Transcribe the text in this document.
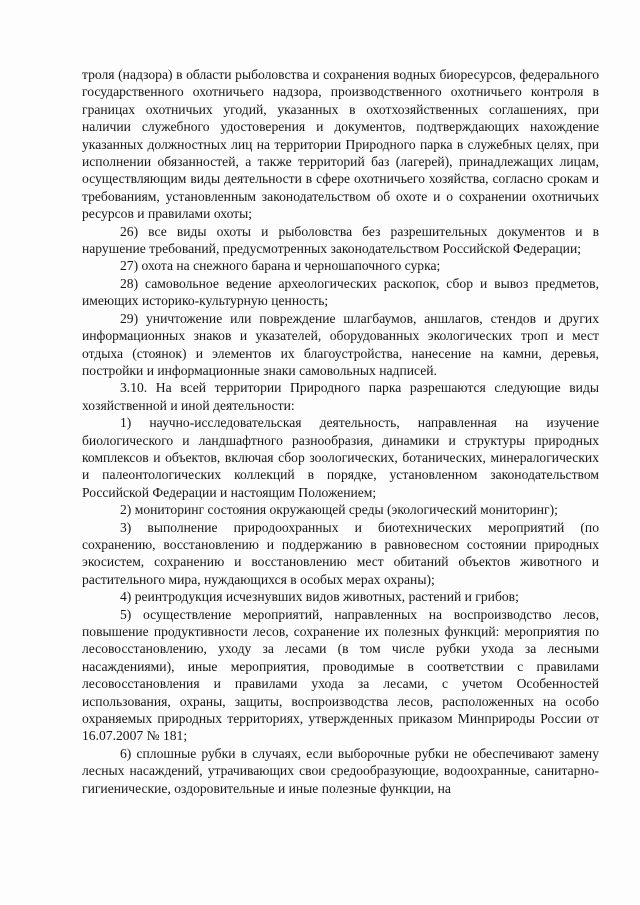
троля (надзора) в области рыболовства и сохранения водных биоресурсов, федерального государственного охотничьего надзора, производственного охотничьего контроля в границах охотничьих угодий, указанных в охотхозяйственных соглашениях, при наличии служебного удостоверения и документов, подтверждающих нахождение указанных должностных лиц на территории Природного парка в служебных целях, при исполнении обязанностей, а также территорий баз (лагерей), принадлежащих лицам, осуществляющим виды деятельности в сфере охотничьего хозяйства, согласно срокам и требованиям, установленным законодательством об охоте и о сохранении охотничьих ресурсов и правилами охоты;

26) все виды охоты и рыболовства без разрешительных документов и в нарушение требований, предусмотренных законодательством Российской Федерации;

27) охота на снежного барана и черношапочного сурка;

28) самовольное ведение археологических раскопок, сбор и вывоз предметов, имеющих историко-культурную ценность;

29) уничтожение или повреждение шлагбаумов, аншлагов, стендов и других информационных знаков и указателей, оборудованных экологических троп и мест отдыха (стоянок) и элементов их благоустройства, нанесение на камни, деревья, постройки и информационные знаки самовольных надписей.

3.10. На всей территории Природного парка разрешаются следующие виды хозяйственной и иной деятельности:

1) научно-исследовательская деятельность, направленная на изучение биологического и ландшафтного разнообразия, динамики и структуры природных комплексов и объектов, включая сбор зоологических, ботанических, минералогических и палеонтологических коллекций в порядке, установленном законодательством Российской Федерации и настоящим Положением;

2) мониторинг состояния окружающей среды (экологический мониторинг);

3) выполнение природоохранных и биотехнических мероприятий (по сохранению, восстановлению и поддержанию в равновесном состоянии природных экосистем, сохранению и восстановлению мест обитаний объектов животного и растительного мира, нуждающихся в особых мерах охраны);

4) реинтродукция исчезнувших видов животных, растений и грибов;

5) осуществление мероприятий, направленных на воспроизводство лесов, повышение продуктивности лесов, сохранение их полезных функций: мероприятия по лесовосстановлению, уходу за лесами (в том числе рубки ухода за лесными насаждениями), иные мероприятия, проводимые в соответствии с правилами лесовосстановления и правилами ухода за лесами, с учетом Особенностей использования, охраны, защиты, воспроизводства лесов, расположенных на особо охраняемых природных территориях, утвержденных приказом Минприроды России от 16.07.2007 № 181;

6) сплошные рубки в случаях, если выборочные рубки не обеспечивают замену лесных насаждений, утрачивающих свои средообразующие, водоохранные, санитарно-гигиенические, оздоровительные и иные полезные функции, на
